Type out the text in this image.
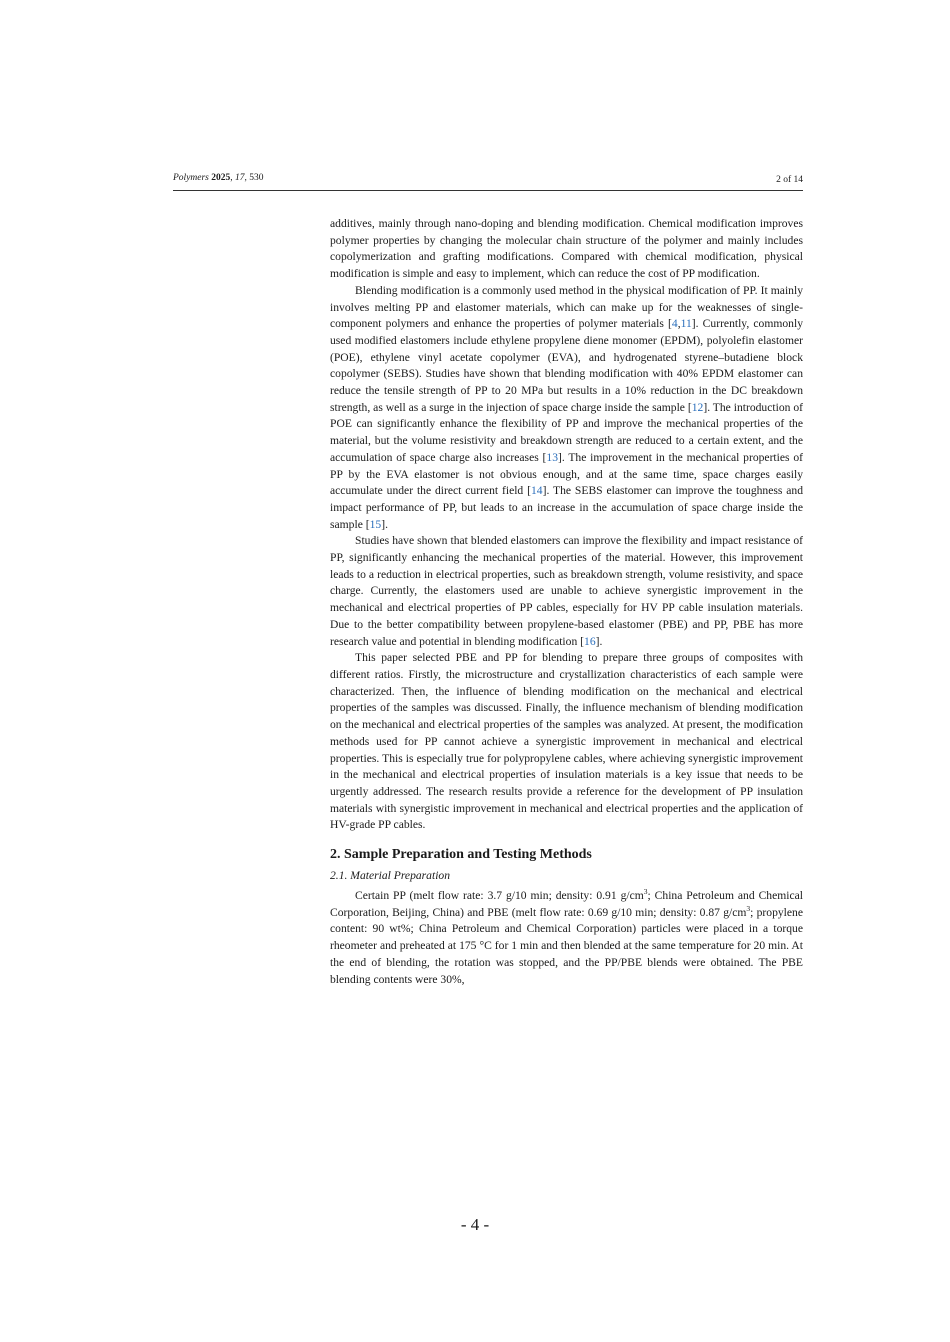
Polymers 2025, 17, 530	2 of 14

additives, mainly through nano-doping and blending modification. Chemical modification improves polymer properties by changing the molecular chain structure of the polymer and mainly includes copolymerization and grafting modifications. Compared with chemical modification, physical modification is simple and easy to implement, which can reduce the cost of PP modification.

Blending modification is a commonly used method in the physical modification of PP. It mainly involves melting PP and elastomer materials, which can make up for the weaknesses of single-component polymers and enhance the properties of polymer materials [4,11]. Currently, commonly used modified elastomers include ethylene propylene diene monomer (EPDM), polyolefin elastomer (POE), ethylene vinyl acetate copolymer (EVA), and hydrogenated styrene–butadiene block copolymer (SEBS). Studies have shown that blending modification with 40% EPDM elastomer can reduce the tensile strength of PP to 20 MPa but results in a 10% reduction in the DC breakdown strength, as well as a surge in the injection of space charge inside the sample [12]. The introduction of POE can significantly enhance the flexibility of PP and improve the mechanical properties of the material, but the volume resistivity and breakdown strength are reduced to a certain extent, and the accumulation of space charge also increases [13]. The improvement in the mechanical properties of PP by the EVA elastomer is not obvious enough, and at the same time, space charges easily accumulate under the direct current field [14]. The SEBS elastomer can improve the toughness and impact performance of PP, but leads to an increase in the accumulation of space charge inside the sample [15].

Studies have shown that blended elastomers can improve the flexibility and impact resistance of PP, significantly enhancing the mechanical properties of the material. However, this improvement leads to a reduction in electrical properties, such as breakdown strength, volume resistivity, and space charge. Currently, the elastomers used are unable to achieve synergistic improvement in the mechanical and electrical properties of PP cables, especially for HV PP cable insulation materials. Due to the better compatibility between propylene-based elastomer (PBE) and PP, PBE has more research value and potential in blending modification [16].

This paper selected PBE and PP for blending to prepare three groups of composites with different ratios. Firstly, the microstructure and crystallization characteristics of each sample were characterized. Then, the influence of blending modification on the mechanical and electrical properties of the samples was discussed. Finally, the influence mechanism of blending modification on the mechanical and electrical properties of the samples was analyzed. At present, the modification methods used for PP cannot achieve a synergistic improvement in mechanical and electrical properties. This is especially true for polypropylene cables, where achieving synergistic improvement in the mechanical and electrical properties of insulation materials is a key issue that needs to be urgently addressed. The research results provide a reference for the development of PP insulation materials with synergistic improvement in mechanical and electrical properties and the application of HV-grade PP cables.

2. Sample Preparation and Testing Methods
2.1. Material Preparation

Certain PP (melt flow rate: 3.7 g/10 min; density: 0.91 $g/cm^3$; China Petroleum and Chemical Corporation, Beijing, China) and PBE (melt flow rate: 0.69 g/10 min; density: 0.87 $g/cm^3$; propylene content: 90 wt%; China Petroleum and Chemical Corporation) particles were placed in a torque rheometer and preheated at 175 °C for 1 min and then blended at the same temperature for 20 min. At the end of blending, the rotation was stopped, and the PP/PBE blends were obtained. The PBE blending contents were 30%,

- 4 -
